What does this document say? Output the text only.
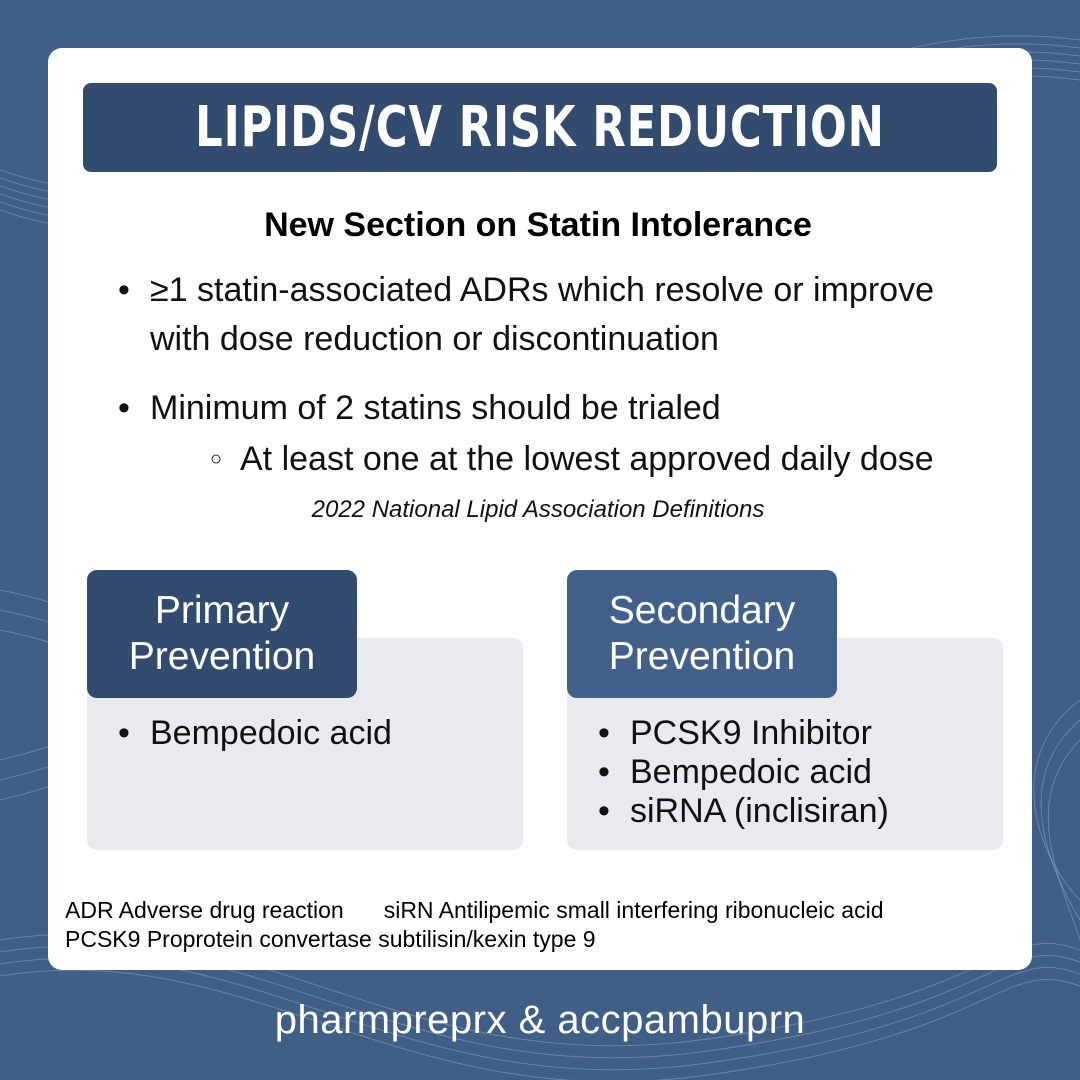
LIPIDS/CV RISK REDUCTION
New Section on Statin Intolerance
• ≥1 statin-associated ADRs which resolve or improve with dose reduction or discontinuation
• Minimum of 2 statins should be trialed
○ At least one at the lowest approved daily dose
2022 National Lipid Association Definitions
Primary
Prevention
Secondary
Prevention
• Bempedoic acid
•	PCSK9 Inhibitor
• Bempedoic acid
• siRNA (inclisiran)
ADR Adverse drug reaction siRN Antilipemic small interfering ribonucleic acid
PCSK9 Proprotein convertase subtilisin/kexin type 9
pharmpreprx & accpambuprn
